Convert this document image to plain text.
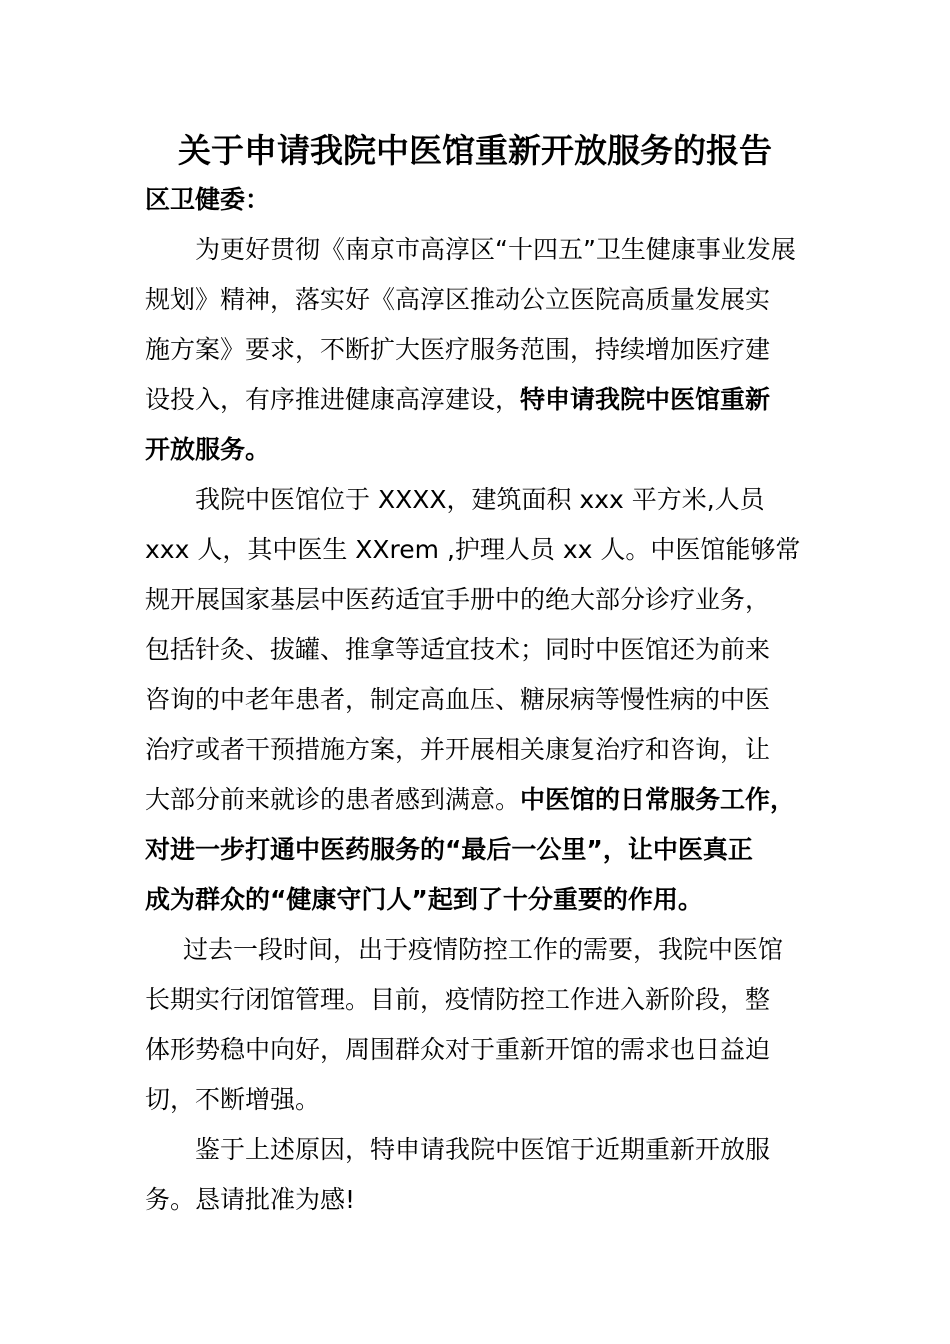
关于申请我院中医馆重新开放服务的报告

区卫健委：

为更好贯彻《南京市高淳区“十四五”卫生健康事业发展
规划》精神，落实好《高淳区推动公立医院高质量发展实
施方案》要求，不断扩大医疗服务范围，持续增加医疗建
设投入，有序推进健康高淳建设，特申请我院中医馆重新
开放服务。
我院中医馆位于 XXXX，建筑面积 xxx 平方米,人员
xxx 人，其中医生 XXrem ,护理人员 xx 人。中医馆能够常
规开展国家基层中医药适宜手册中的绝大部分诊疗业务，
包括针灸、拔罐、推拿等适宜技术；同时中医馆还为前来
咨询的中老年患者，制定高血压、糖尿病等慢性病的中医
治疗或者干预措施方案，并开展相关康复治疗和咨询，让
大部分前来就诊的患者感到满意。中医馆的日常服务工作，
对进一步打通中医药服务的“最后一公里”，让中医真正
成为群众的“健康守门人”起到了十分重要的作用。
过去一段时间，出于疫情防控工作的需要，我院中医馆
长期实行闭馆管理。目前，疫情防控工作进入新阶段，整
体形势稳中向好，周围群众对于重新开馆的需求也日益迫
切，不断增强。
鉴于上述原因，特申请我院中医馆于近期重新开放服
务。恳请批准为感!
